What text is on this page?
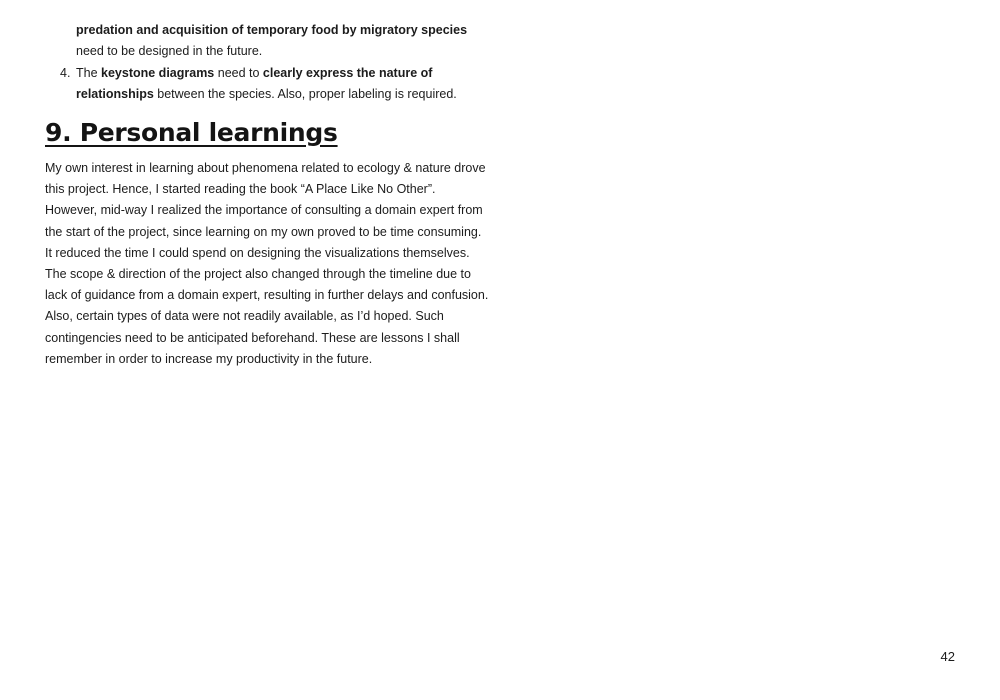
predation and acquisition of temporary food by migratory species need to be designed in the future.
4. The keystone diagrams need to clearly express the nature of relationships between the species. Also, proper labeling is required.
9. Personal learnings

My own interest in learning about phenomena related to ecology & nature drove this project. Hence, I started reading the book “A Place Like No Other”. However, mid-way I realized the importance of consulting a domain expert from the start of the project, since learning on my own proved to be time consuming. It reduced the time I could spend on designing the visualizations themselves. The scope & direction of the project also changed through the timeline due to lack of guidance from a domain expert, resulting in further delays and confusion. Also, certain types of data were not readily available, as I’d hoped. Such contingencies need to be anticipated beforehand. These are lessons I shall remember in order to increase my productivity in the future.

42
